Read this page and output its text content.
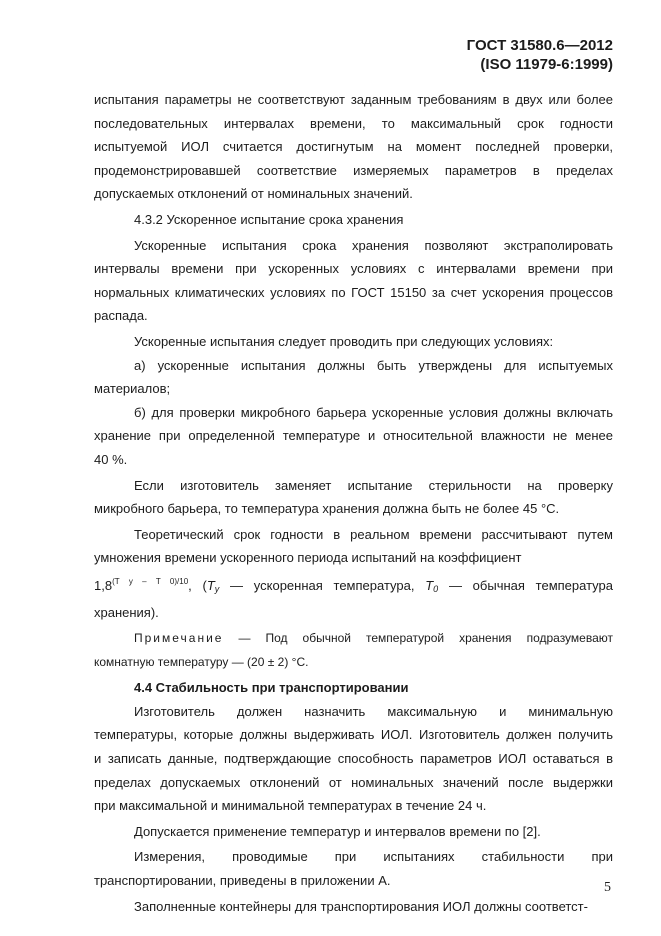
ГОСТ 31580.6—2012
(ISO 11979-6:1999)
испытания параметры не соответствуют заданным требованиям в двух или более
последовательных интервалах времени, то максимальный срок годности
испытуемой ИОЛ считается достигнутым на момент последней проверки,
продемонстрировавшей соответствие измеряемых параметров в пределах
допускаемых отклонений от номинальных значений.
4.3.2 Ускоренное испытание срока хранения
Ускоренные испытания срока хранения позволяют экстраполировать
интервалы времени при ускоренных условиях с интервалами времени при
нормальных климатических условиях по ГОСТ 15150 за счет ускорения процессов
распада.
Ускоренные испытания следует проводить при следующих условиях:
а) ускоренные испытания должны быть утверждены для испытуемых
материалов;
б) для проверки микробного барьера ускоренные условия должны включать
хранение при определенной температуре и относительной влажности не менее
40 %.
Если изготовитель заменяет испытание стерильности на проверку
микробного барьера, то температура хранения должна быть не более 45 °С.
Теоретический срок годности в реальном времени рассчитывают путем
умножения времени ускоренного периода испытаний на коэффициент
$1,8^{(T y - T 0)/10}$, ($T_y$ — ускоренная температура, $T_0$ — обычная температура
хранения).
Примечание — Под обычной температурой хранения подразумевают
комнатную температуру — (20 ± 2) °С.
4.4 Стабильность при транспортировании
Изготовитель должен назначить максимальную и минимальную
температуры, которые должны выдерживать ИОЛ. Изготовитель должен получить
и записать данные, подтверждающие способность параметров ИОЛ оставаться в
пределах допускаемых отклонений от номинальных значений после выдержки
при максимальной и минимальной температурах в течение 24 ч.
Допускается применение температур и интервалов времени по [2].
Измерения, проводимые при испытаниях стабильности при
транспортировании, приведены в приложении А.
Заполненные контейнеры для транспортирования ИОЛ должны соответст-
5
